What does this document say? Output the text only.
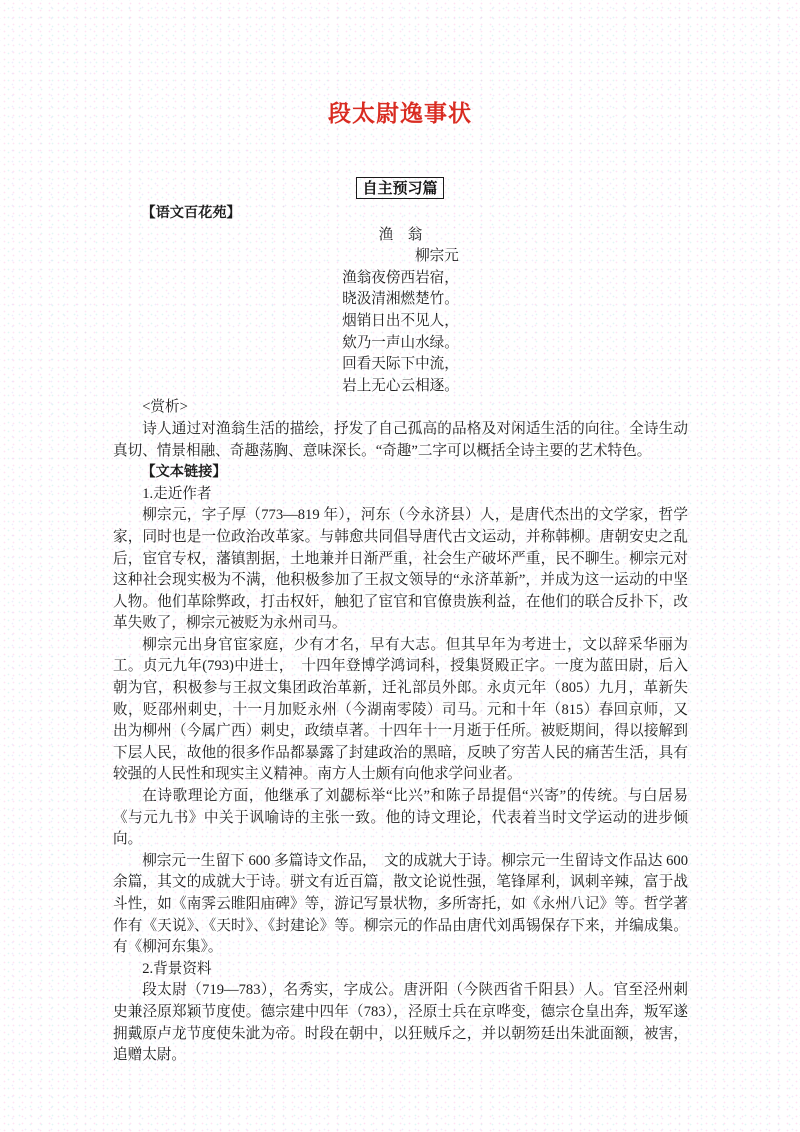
段太尉逸事状
自主预习篇

【语文百花苑】

渔　翁
柳宗元
渔翁夜傍西岩宿，
晓汲清湘燃楚竹。
烟销日出不见人，
欸乃一声山水绿。
回看天际下中流，
岩上无心云相逐。

<赏析>

诗人通过对渔翁生活的描绘，抒发了自己孤高的品格及对闲适生活的向往。全诗生动真切、情景相融、奇趣荡胸、意味深长。“奇趣”二字可以概括全诗主要的艺术特色。

【文本链接】

1.走近作者

柳宗元，字子厚（773—819 年），河东（今永济县）人，是唐代杰出的文学家，哲学家，同时也是一位政治改革家。与韩愈共同倡导唐代古文运动，并称韩柳。唐朝安史之乱后，宦官专权，藩镇割据，土地兼并日渐严重，社会生产破坏严重，民不聊生。柳宗元对这种社会现实极为不满，他积极参加了王叔文领导的“永济革新”，并成为这一运动的中坚人物。他们革除弊政，打击权奸，触犯了宦官和官僚贵族利益，在他们的联合反扑下，改革失败了，柳宗元被贬为永州司马。

柳宗元出身官宦家庭，少有才名，早有大志。但其早年为考进士，文以辞采华丽为工。贞元九年(793)中进士，　十四年登博学鸿词科，授集贤殿正字。一度为蓝田尉，后入朝为官，积极参与王叔文集团政治革新，迁礼部员外郎。永贞元年（805）九月，革新失败，贬邵州刺史，十一月加贬永州（今湖南零陵）司马。元和十年（815）春回京师，又出为柳州（今属广西）刺史，政绩卓著。十四年十一月逝于任所。被贬期间，得以接解到下层人民，故他的很多作品都暴露了封建政治的黑暗，反映了穷苦人民的痛苦生活，具有较强的人民性和现实主义精神。南方人士颇有向他求学问业者。

在诗歌理论方面，他继承了刘勰标举“比兴”和陈子昂提倡“兴寄”的传统。与白居易《与元九书》中关于讽喻诗的主张一致。他的诗文理论，代表着当时文学运动的进步倾向。

柳宗元一生留下 600 多篇诗文作品，　文的成就大于诗。柳宗元一生留诗文作品达 600 余篇，其文的成就大于诗。骈文有近百篇，散文论说性强，笔锋犀利，讽刺辛辣，富于战斗性，如《南霁云睢阳庙碑》等，游记写景状物，多所寄托，如《永州八记》等。哲学著作有《天说》、《天时》、《封建论》等。柳宗元的作品由唐代刘禹锡保存下来，并编成集。有《柳河东集》。

2.背景资料

段太尉（719—783），名秀实，字成公。唐汧阳（今陕西省千阳县）人。官至泾州刺史兼泾原郑颖节度使。德宗建中四年（783），泾原士兵在京哗变，德宗仓皇出奔，叛军遂拥戴原卢龙节度使朱泚为帝。时段在朝中，以狂贼斥之，并以朝笏廷出朱泚面额，被害，追赠太尉。
